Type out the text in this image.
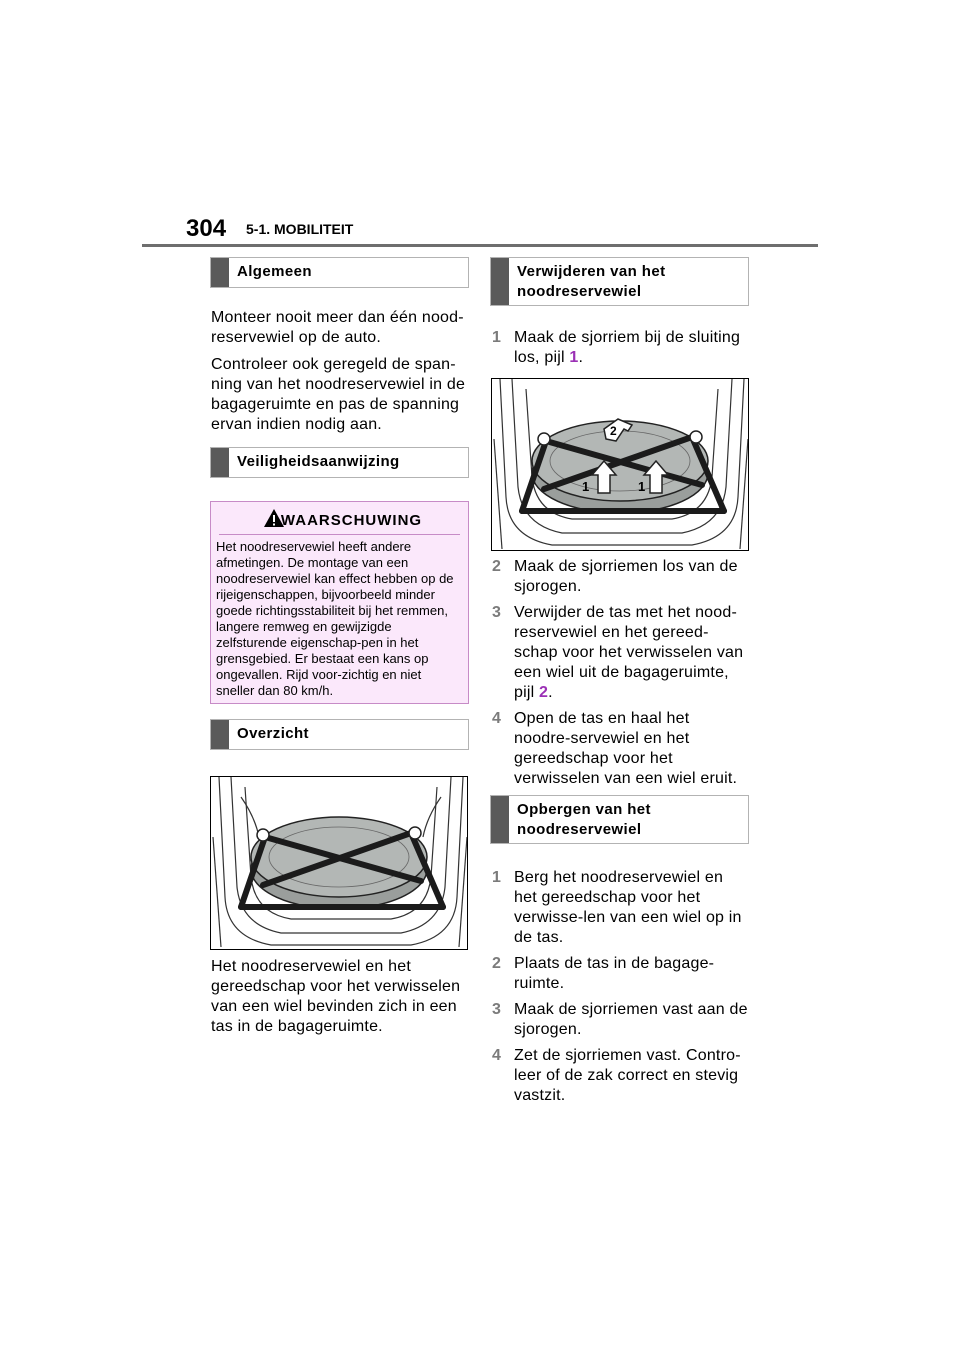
304 5-1. MOBILITEIT
Algemeen

Monteer nooit meer dan één nood-reservewiel op de auto.

Controleer ook geregeld de span-ning van het noodreservewiel in de bagageruimte en pas de spanning ervan indien nodig aan.

Veiligheidsaanwijzing
WAARSCHUWING
Het noodreservewiel heeft andere afmetingen. De montage van een noodreservewiel kan effect hebben op de rijeigenschappen, bijvoorbeeld minder goede richtingsstabiliteit bij het remmen, langere remweg en gewijzigde zelfsturende eigenschap-pen in het grensgebied. Er bestaat een kans op ongevallen. Rijd voor-zichtig en niet sneller dan 80 km/h.
Overzicht
Het noodreservewiel en het gereedschap voor het verwisselen van een wiel bevinden zich in een tas in de bagageruimte.
Verwijderen van het noodreservewiel
1 Maak de sjorriem bij de sluiting los, pijl 1.
1	1
2
2 Maak de sjorriemen los van de sjorogen.
3 Verwijder de tas met het nood-reservewiel en het gereed-schap voor het verwisselen van een wiel uit de bagageruimte, pijl 2.
4 Open de tas en haal het noodre-servewiel en het gereedschap voor het verwisselen van een wiel eruit.
Opbergen van het noodreservewiel
1 Berg het noodreservewiel en het gereedschap voor het verwisse-len van een wiel op in de tas.
2 Plaats de tas in de bagage-ruimte.
3 Maak de sjorriemen vast aan de sjorogen.
4 Zet de sjorriemen vast. Contro-leer of de zak correct en stevig vastzit.
